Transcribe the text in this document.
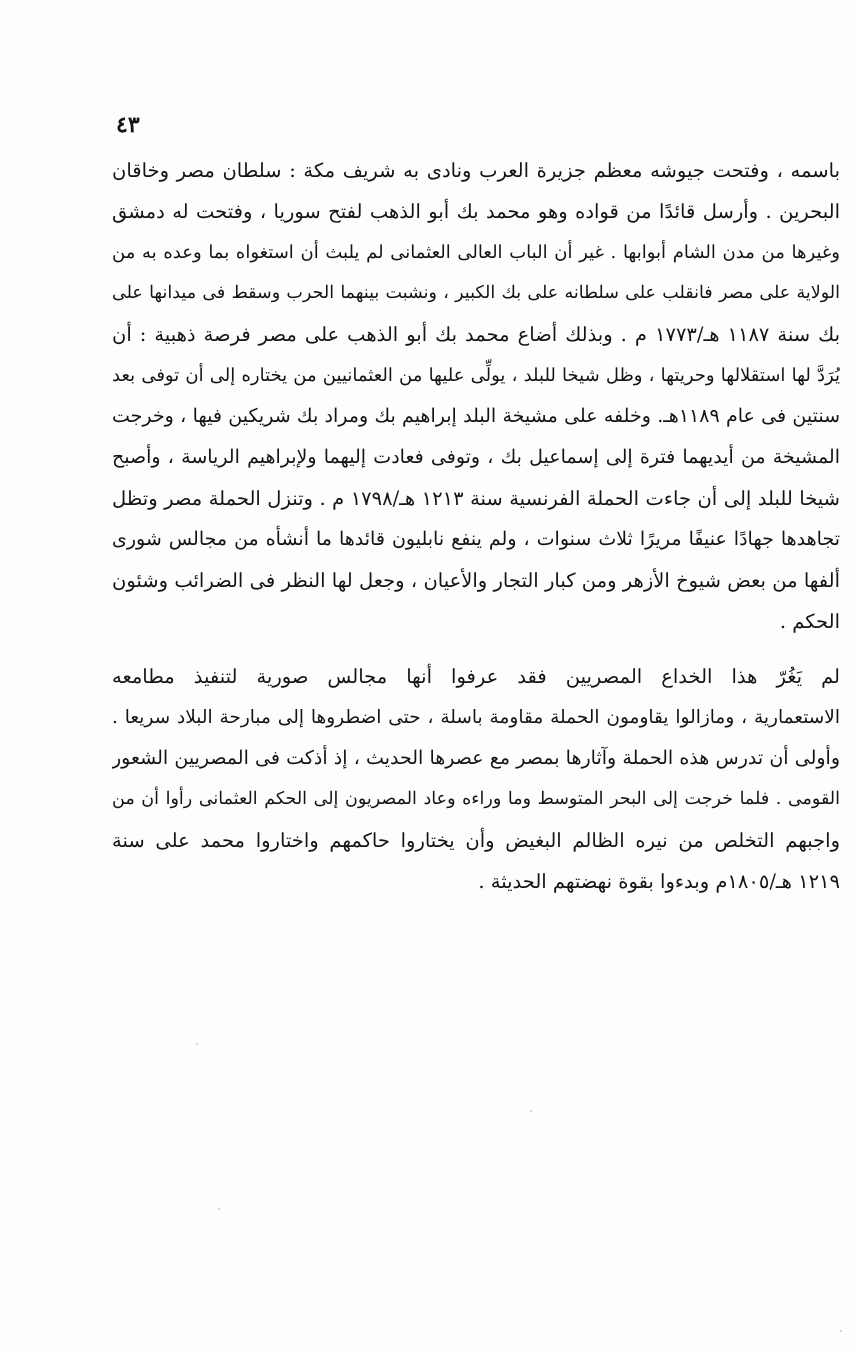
٤٣

باسمه ، وفتحت جيوشه معظم جزيرة العرب ونادى به شريف مكة : سلطان مصر وخاقان

البحرين . وأرسل قائدًا من قواده وهو محمد بك أبو الذهب لفتح سوريا ، وفتحت له دمشق

وغيرها من مدن الشام أبوابها . غير أن الباب العالى العثمانى لم يلبث أن استغواه بما وعده به من

الولاية على مصر فانقلب على سلطانه على بك الكبير ، ونشبت بينهما الحرب وسقط فى ميدانها على

بك سنة ١١٨٧ هـ/١٧٧٣ م . وبذلك أضاع محمد بك أبو الذهب على مصر فرصة ذهبية : أن

يُرَدَّ لها استقلالها وحريتها ، وظل شيخا للبلد ، يولِّى عليها من العثمانيين من يختاره إلى أن توفى بعد

سنتين فى عام ١١٨٩هـ. وخلفه على مشيخة البلد إبراهيم بك ومراد بك شريكين فيها ، وخرجت

المشيخة من أيديهما فترة إلى إسماعيل بك ، وتوفى فعادت إليهما ولإبراهيم الرياسة ، وأصبح

شيخا للبلد إلى أن جاءت الحملة الفرنسية سنة ١٢١٣ هـ/١٧٩٨ م . وتنزل الحملة مصر وتظل

تجاهدها جهادًا عنيفًا مريرًا ثلاث سنوات ، ولم ينفع نابليون قائدها ما أنشأه من مجالس شورى

ألفها من بعض شيوخ الأزهر ومن كبار التجار والأعيان ، وجعل لها النظر فى الضرائب وشئون

الحكم .

لم يَغُرّ هذا الخداع المصريين فقد عرفوا أنها مجالس صورية لتنفيذ مطامعه

الاستعمارية ، ومازالوا يقاومون الحملة مقاومة باسلة ، حتى اضطروها إلى مبارحة البلاد سريعا .

وأولى أن تدرس هذه الحملة وآثارها بمصر مع عصرها الحديث ، إذ أذكت فى المصريين الشعور

القومى . فلما خرجت إلى البحر المتوسط وما وراءه وعاد المصريون إلى الحكم العثمانى رأوا أن من

واجبهم التخلص من نيره الظالم البغيض وأن يختاروا حاكمهم واختاروا محمد على سنة

١٢١٩ هـ/١٨٠٥م وبدءوا بقوة نهضتهم الحديثة .
